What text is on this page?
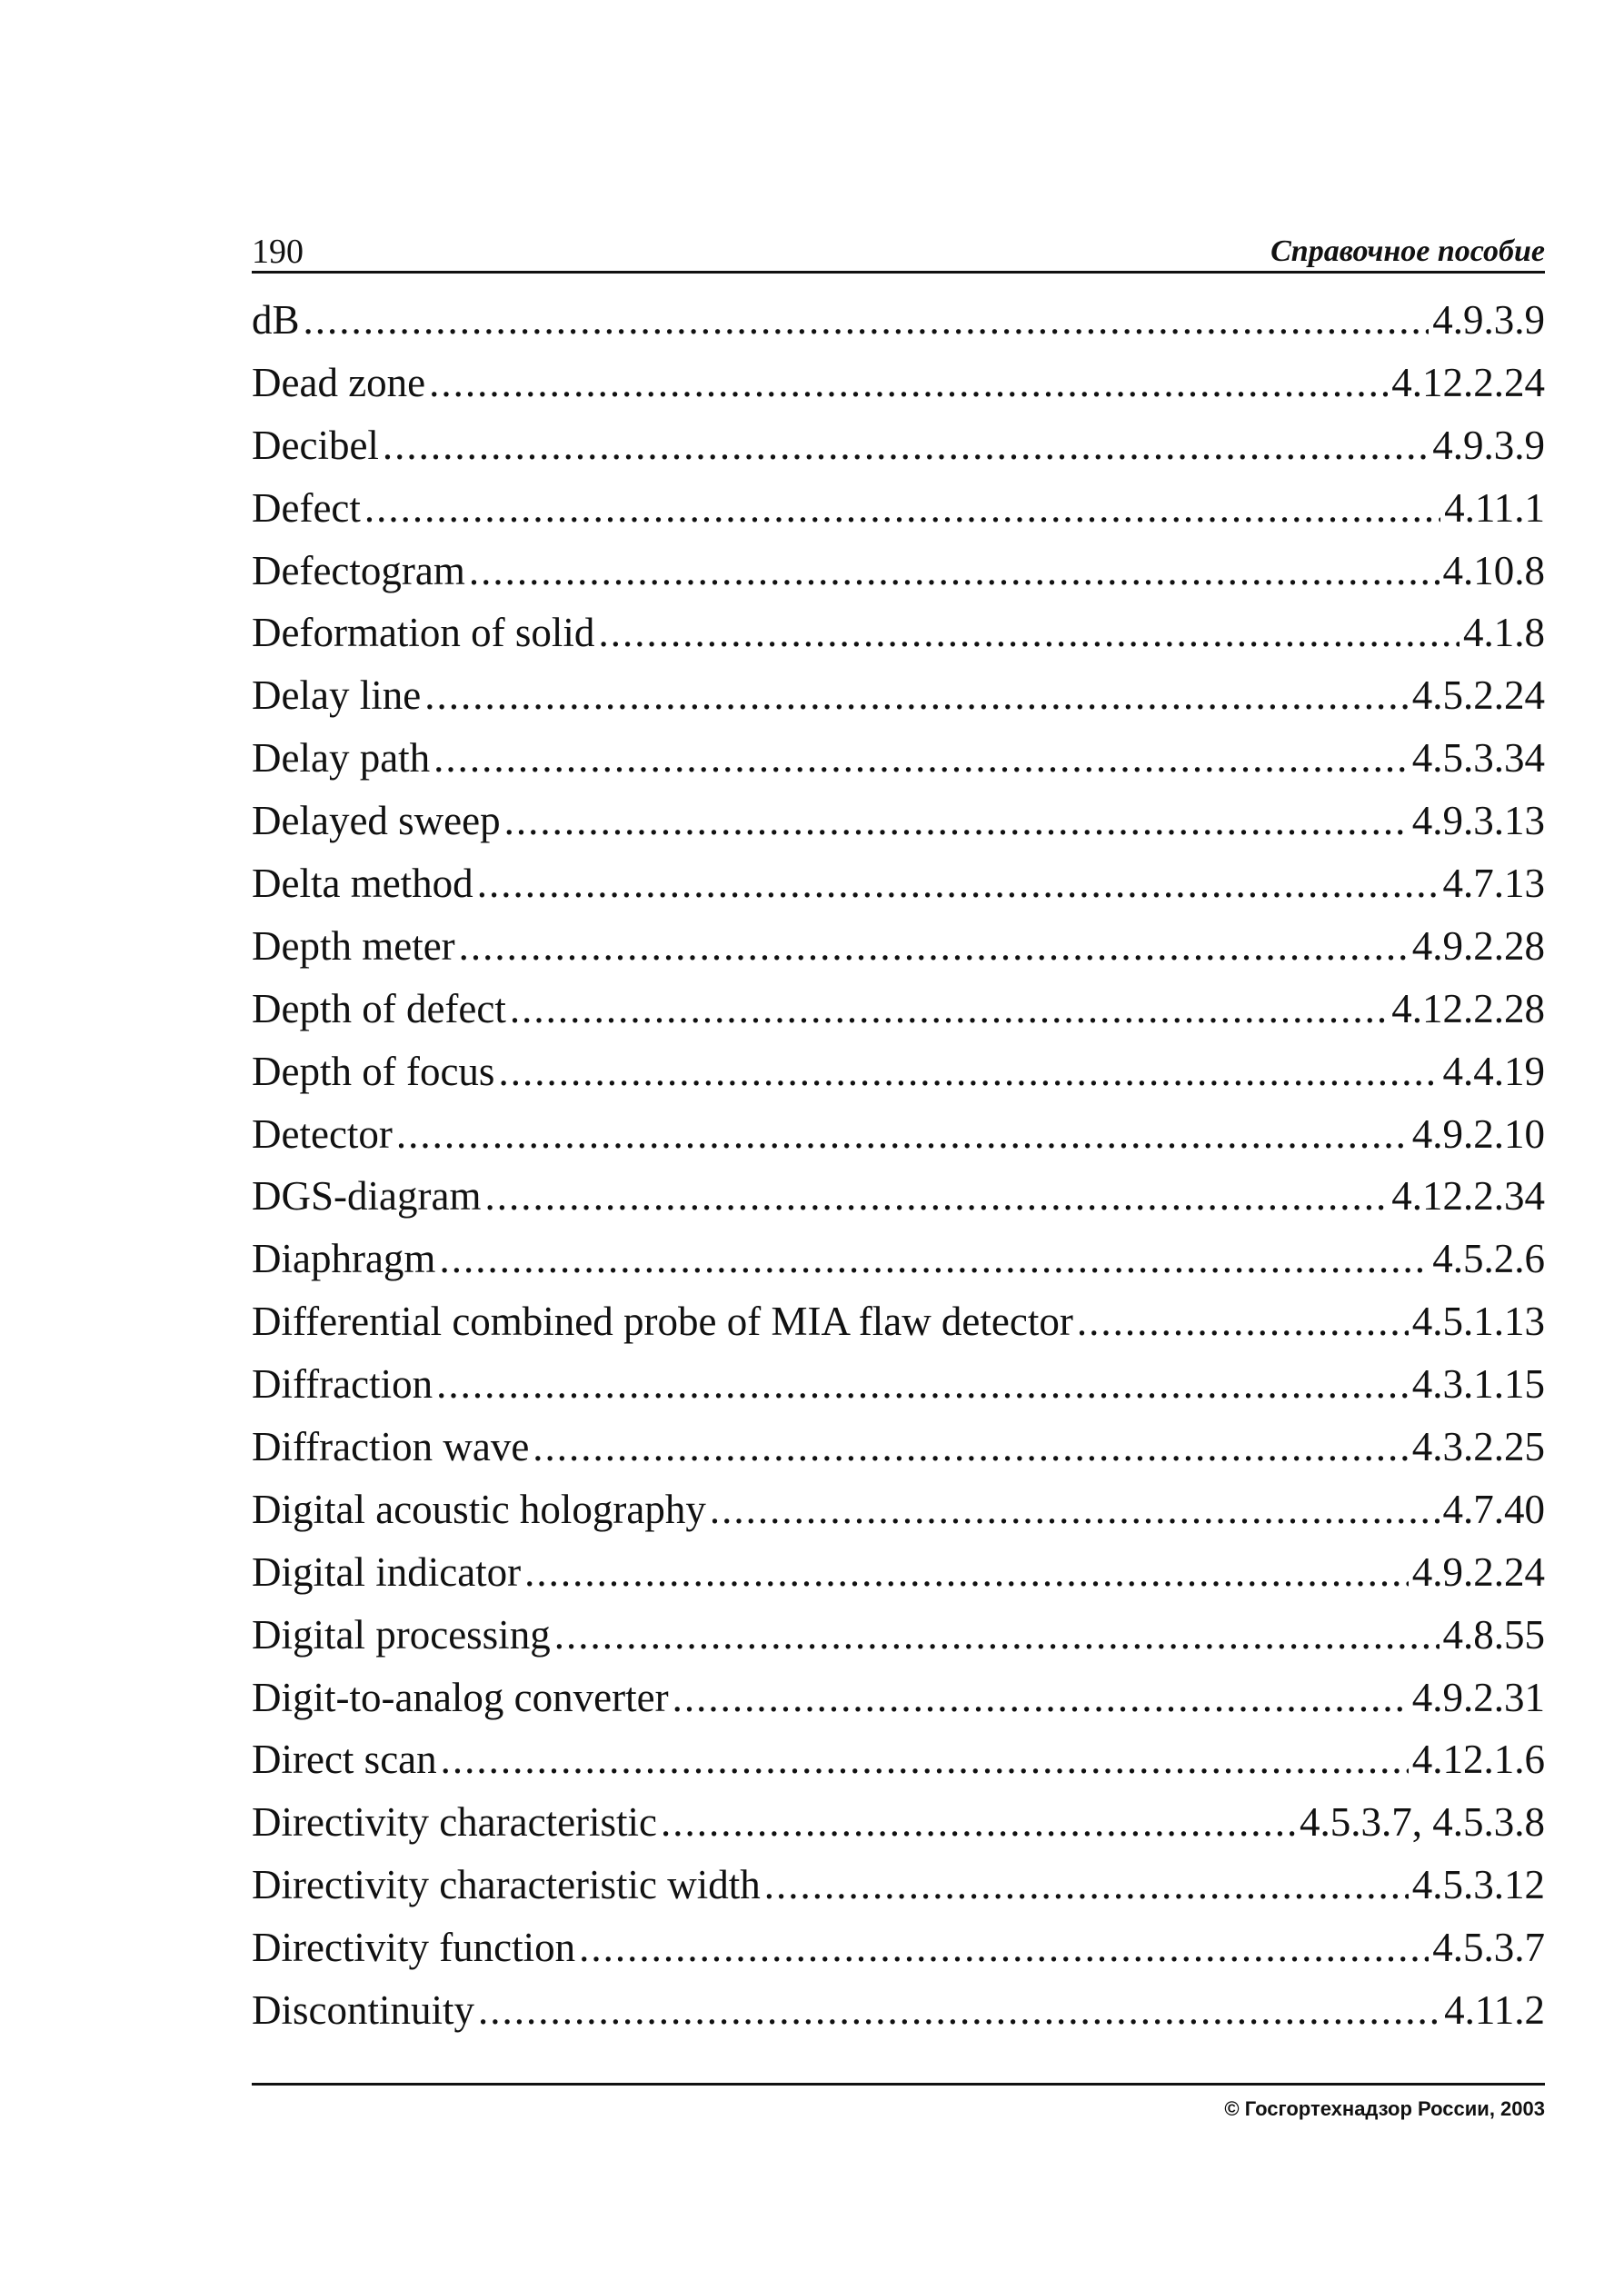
190	Справочное пособие
dB .....	4.9.3.9
Dead zone .....	4.12.2.24
Decibel .....	4.9.3.9
Defect .....	4.11.1
Defectogram .....	4.10.8
Deformation of solid .....	4.1.8
Delay line .....	4.5.2.24
Delay path .....	4.5.3.34
Delayed sweep .....	4.9.3.13
Delta method .....	4.7.13
Depth meter .....	4.9.2.28
Depth of defect .....	4.12.2.28
Depth of focus .....	4.4.19
Detector .....	4.9.2.10
DGS-diagram .....	4.12.2.34
Diaphragm .....	4.5.2.6
Differential combined probe of MIA flaw detector .....	4.5.1.13
Diffraction .....	4.3.1.15
Diffraction wave .....	4.3.2.25
Digital acoustic holography .....	4.7.40
Digital indicator .....	4.9.2.24
Digital processing .....	4.8.55
Digit-to-analog converter .....	4.9.2.31
Direct scan .....	4.12.1.6
Directivity characteristic .....	4.5.3.7, 4.5.3.8
Directivity characteristic width .....	4.5.3.12
Directivity function .....	4.5.3.7
Discontinuity .....	4.11.2
© Госгортехнадзор России, 2003
